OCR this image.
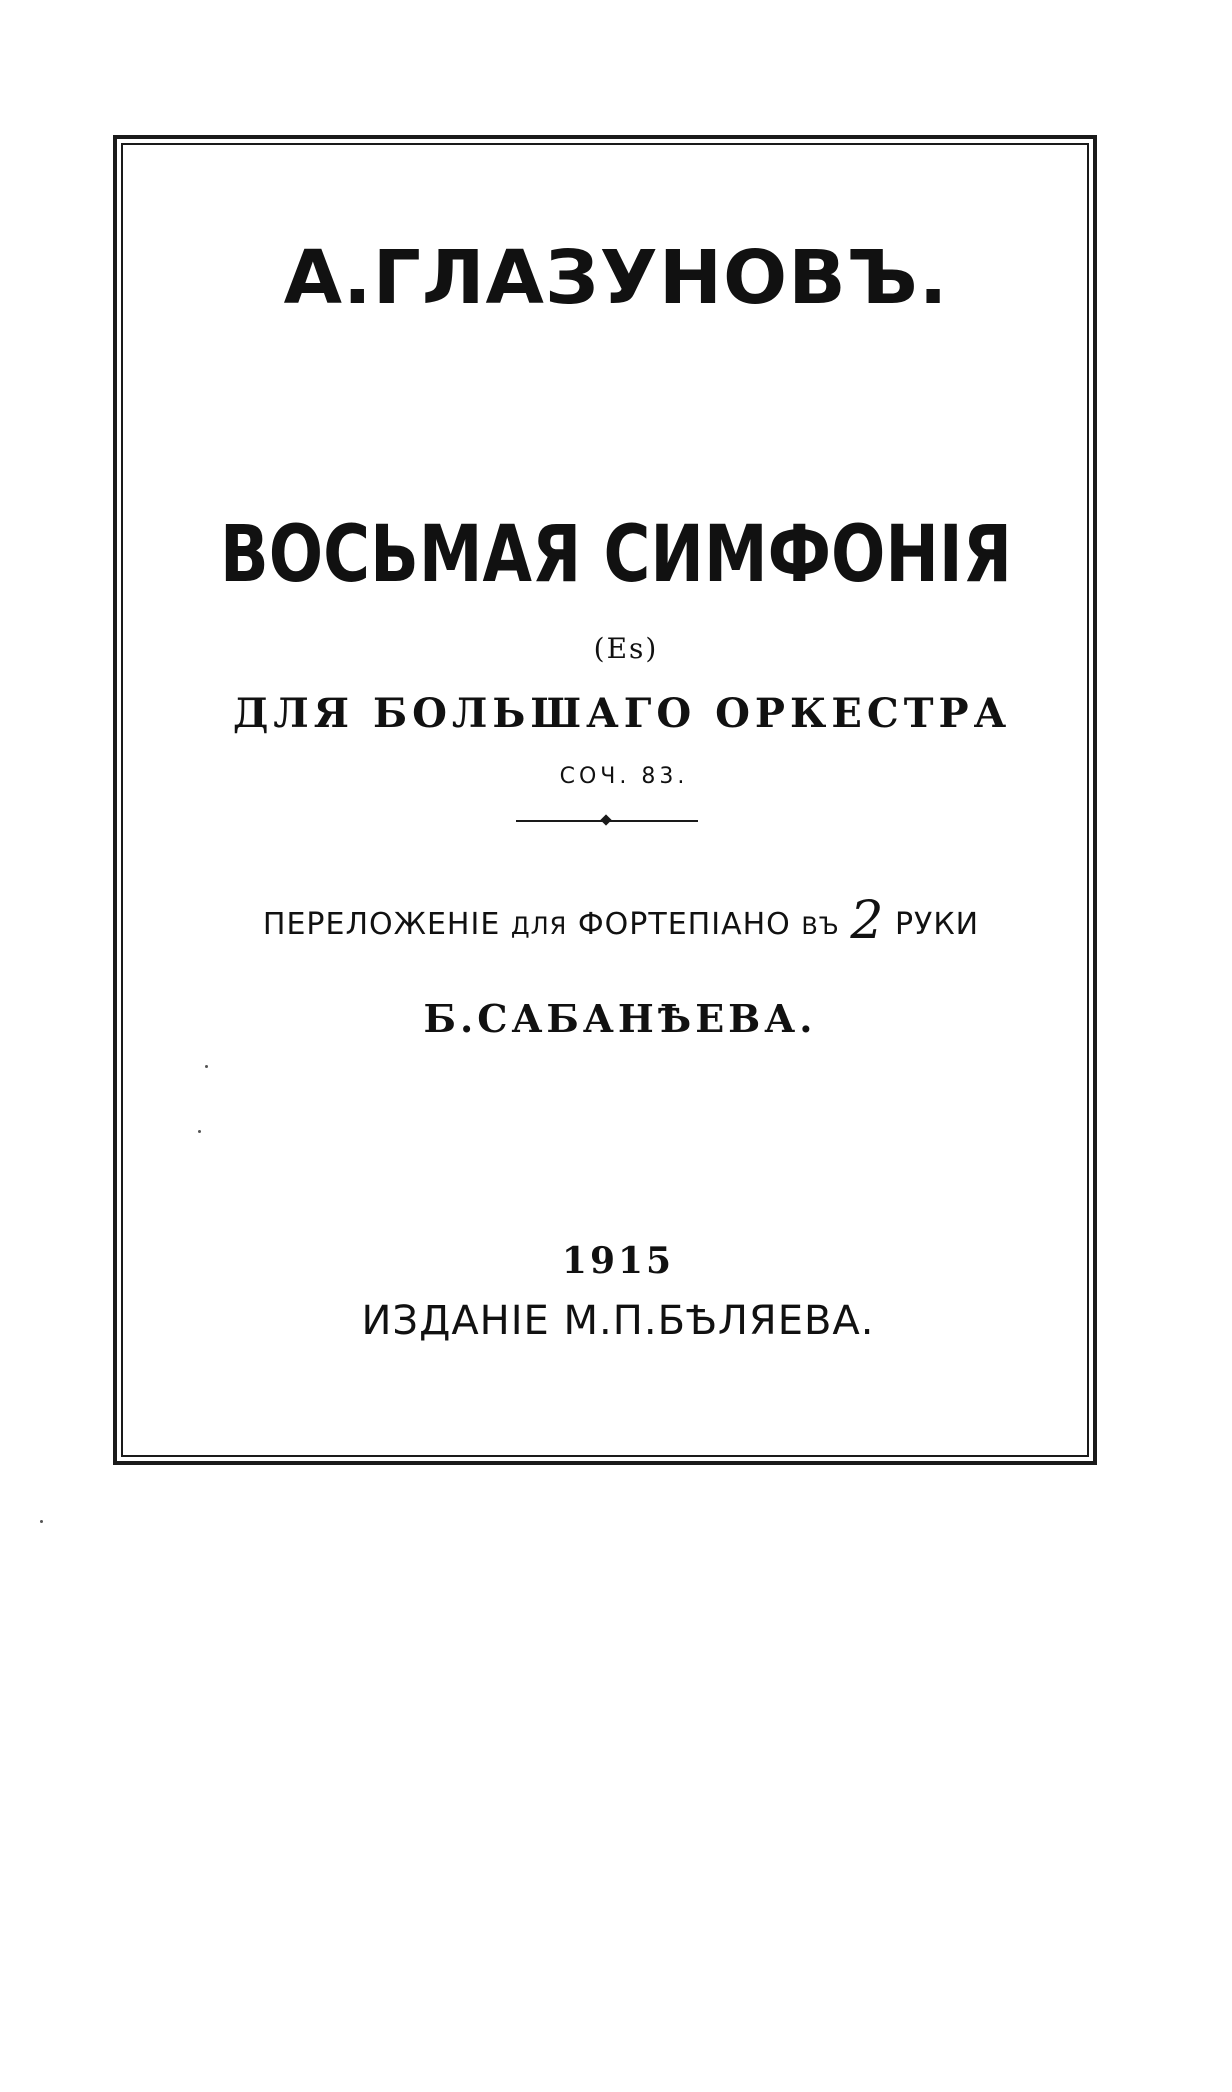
А.ГЛАЗУНОВЪ.
ВОСЬМАЯ СИМФОНІЯ
(Es)
ДЛЯ БОЛЬШАГО ОРКЕСТРА
СОЧ. 83.
ПЕРЕЛОЖЕНІЕ ДЛЯ ФОРТЕПІАНО ВЪ 2 РУКИ
Б.САБАНѢЕВА.
1915
ИЗДАНІЕ М.П.БѢЛЯЕВА.
